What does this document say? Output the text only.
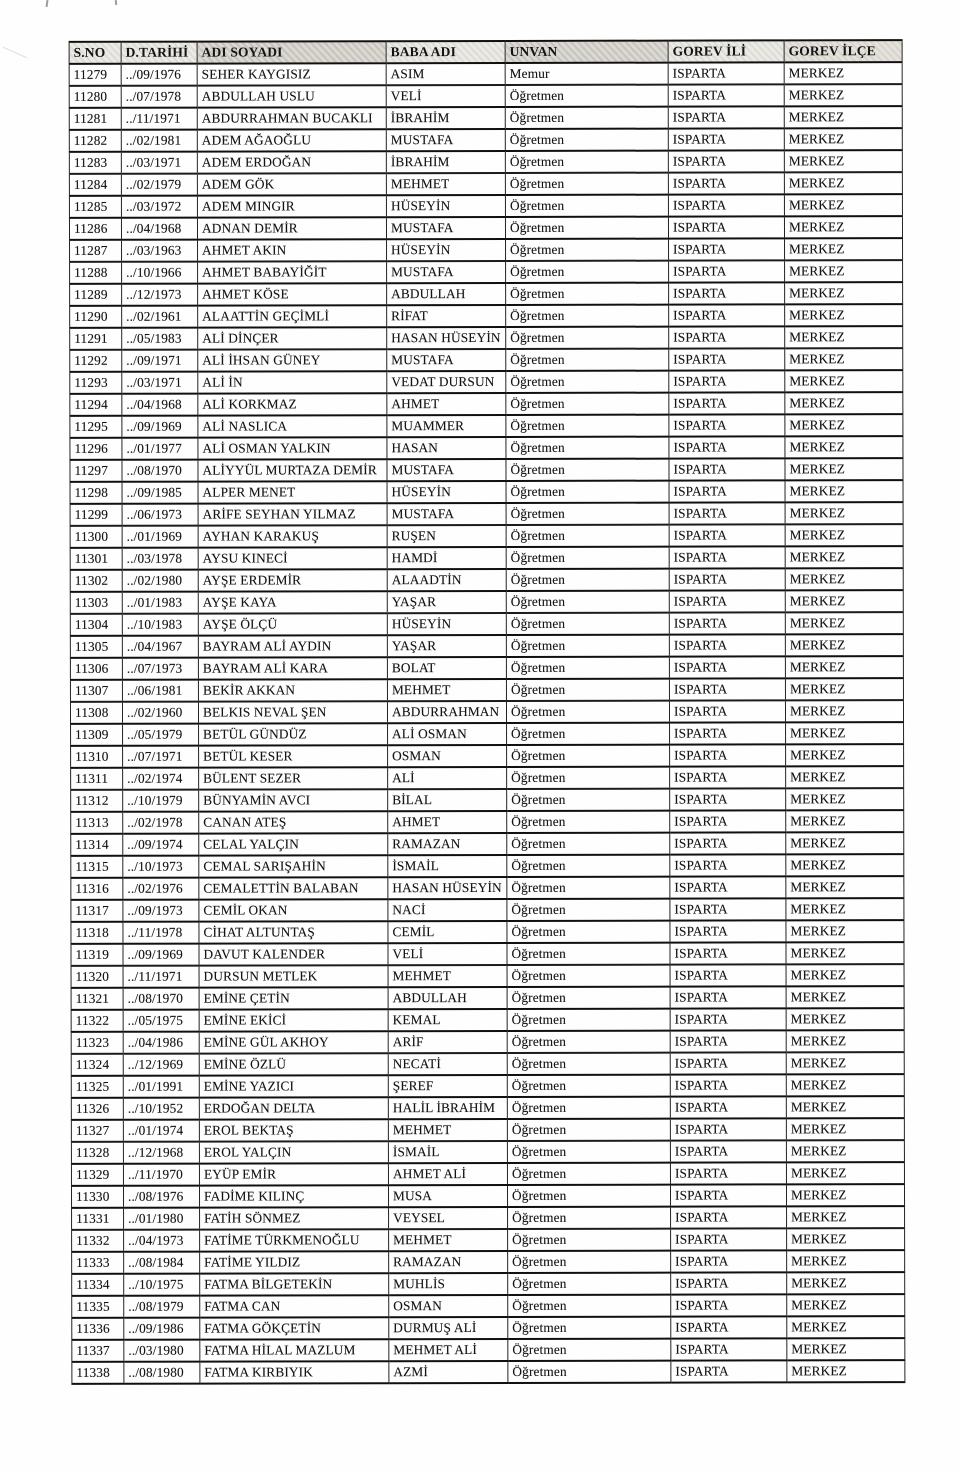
S.NO	D.TARİHİ	ADI SOYADI	BABA ADI	UNVAN	GOREV İLİ	GOREV İLÇE
11279	../09/1976	SEHER KAYGISIZ	ASIM	Memur	ISPARTA	MERKEZ
11280	../07/1978	ABDULLAH USLU	VELİ	Öğretmen	ISPARTA	MERKEZ
11281	../11/1971	ABDURRAHMAN BUCAKLI	İBRAHİM	Öğretmen	ISPARTA	MERKEZ
11282	../02/1981	ADEM AĞAOĞLU	MUSTAFA	Öğretmen	ISPARTA	MERKEZ
11283	../03/1971	ADEM ERDOĞAN	İBRAHİM	Öğretmen	ISPARTA	MERKEZ
11284	../02/1979	ADEM GÖK	MEHMET	Öğretmen	ISPARTA	MERKEZ
11285	../03/1972	ADEM MINGIR	HÜSEYİN	Öğretmen	ISPARTA	MERKEZ
11286	../04/1968	ADNAN DEMİR	MUSTAFA	Öğretmen	ISPARTA	MERKEZ
11287	../03/1963	AHMET AKIN	HÜSEYİN	Öğretmen	ISPARTA	MERKEZ
11288	../10/1966	AHMET BABAYİĞİT	MUSTAFA	Öğretmen	ISPARTA	MERKEZ
11289	../12/1973	AHMET KÖSE	ABDULLAH	Öğretmen	ISPARTA	MERKEZ
11290	../02/1961	ALAATTİN GEÇİMLİ	RİFAT	Öğretmen	ISPARTA	MERKEZ
11291	../05/1983	ALİ DİNÇER	HASAN HÜSEYİN	Öğretmen	ISPARTA	MERKEZ
11292	../09/1971	ALİ İHSAN GÜNEY	MUSTAFA	Öğretmen	ISPARTA	MERKEZ
11293	../03/1971	ALİ İN	VEDAT DURSUN	Öğretmen	ISPARTA	MERKEZ
11294	../04/1968	ALİ KORKMAZ	AHMET	Öğretmen	ISPARTA	MERKEZ
11295	../09/1969	ALİ NASLICA	MUAMMER	Öğretmen	ISPARTA	MERKEZ
11296	../01/1977	ALİ OSMAN YALKIN	HASAN	Öğretmen	ISPARTA	MERKEZ
11297	../08/1970	ALİYYÜL MURTAZA DEMİR	MUSTAFA	Öğretmen	ISPARTA	MERKEZ
11298	../09/1985	ALPER MENET	HÜSEYİN	Öğretmen	ISPARTA	MERKEZ
11299	../06/1973	ARİFE SEYHAN YILMAZ	MUSTAFA	Öğretmen	ISPARTA	MERKEZ
11300	../01/1969	AYHAN KARAKUŞ	RUŞEN	Öğretmen	ISPARTA	MERKEZ
11301	../03/1978	AYSU KINECİ	HAMDİ	Öğretmen	ISPARTA	MERKEZ
11302	../02/1980	AYŞE ERDEMİR	ALAADTİN	Öğretmen	ISPARTA	MERKEZ
11303	../01/1983	AYŞE KAYA	YAŞAR	Öğretmen	ISPARTA	MERKEZ
11304	../10/1983	AYŞE ÖLÇÜ	HÜSEYİN	Öğretmen	ISPARTA	MERKEZ
11305	../04/1967	BAYRAM ALİ AYDIN	YAŞAR	Öğretmen	ISPARTA	MERKEZ
11306	../07/1973	BAYRAM ALİ KARA	BOLAT	Öğretmen	ISPARTA	MERKEZ
11307	../06/1981	BEKİR AKKAN	MEHMET	Öğretmen	ISPARTA	MERKEZ
11308	../02/1960	BELKIS NEVAL ŞEN	ABDURRAHMAN	Öğretmen	ISPARTA	MERKEZ
11309	../05/1979	BETÜL GÜNDÜZ	ALİ OSMAN	Öğretmen	ISPARTA	MERKEZ
11310	../07/1971	BETÜL KESER	OSMAN	Öğretmen	ISPARTA	MERKEZ
11311	../02/1974	BÜLENT SEZER	ALİ	Öğretmen	ISPARTA	MERKEZ
11312	../10/1979	BÜNYAMİN AVCI	BİLAL	Öğretmen	ISPARTA	MERKEZ
11313	../02/1978	CANAN ATEŞ	AHMET	Öğretmen	ISPARTA	MERKEZ
11314	../09/1974	CELAL YALÇIN	RAMAZAN	Öğretmen	ISPARTA	MERKEZ
11315	../10/1973	CEMAL SARIŞAHİN	İSMAİL	Öğretmen	ISPARTA	MERKEZ
11316	../02/1976	CEMALETTİN BALABAN	HASAN HÜSEYİN	Öğretmen	ISPARTA	MERKEZ
11317	../09/1973	CEMİL OKAN	NACİ	Öğretmen	ISPARTA	MERKEZ
11318	../11/1978	CİHAT ALTUNTAŞ	CEMİL	Öğretmen	ISPARTA	MERKEZ
11319	../09/1969	DAVUT KALENDER	VELİ	Öğretmen	ISPARTA	MERKEZ
11320	../11/1971	DURSUN METLEK	MEHMET	Öğretmen	ISPARTA	MERKEZ
11321	../08/1970	EMİNE ÇETİN	ABDULLAH	Öğretmen	ISPARTA	MERKEZ
11322	../05/1975	EMİNE EKİCİ	KEMAL	Öğretmen	ISPARTA	MERKEZ
11323	../04/1986	EMİNE GÜL AKHOY	ARİF	Öğretmen	ISPARTA	MERKEZ
11324	../12/1969	EMİNE ÖZLÜ	NECATİ	Öğretmen	ISPARTA	MERKEZ
11325	../01/1991	EMİNE YAZICI	ŞEREF	Öğretmen	ISPARTA	MERKEZ
11326	../10/1952	ERDOĞAN DELTA	HALİL İBRAHİM	Öğretmen	ISPARTA	MERKEZ
11327	../01/1974	EROL BEKTAŞ	MEHMET	Öğretmen	ISPARTA	MERKEZ
11328	../12/1968	EROL YALÇIN	İSMAİL	Öğretmen	ISPARTA	MERKEZ
11329	../11/1970	EYÜP EMİR	AHMET ALİ	Öğretmen	ISPARTA	MERKEZ
11330	../08/1976	FADİME KILINÇ	MUSA	Öğretmen	ISPARTA	MERKEZ
11331	../01/1980	FATİH SÖNMEZ	VEYSEL	Öğretmen	ISPARTA	MERKEZ
11332	../04/1973	FATİME TÜRKMENOĞLU	MEHMET	Öğretmen	ISPARTA	MERKEZ
11333	../08/1984	FATİME YILDIZ	RAMAZAN	Öğretmen	ISPARTA	MERKEZ
11334	../10/1975	FATMA BİLGETEKİN	MUHLİS	Öğretmen	ISPARTA	MERKEZ
11335	../08/1979	FATMA CAN	OSMAN	Öğretmen	ISPARTA	MERKEZ
11336	../09/1986	FATMA GÖKÇETİN	DURMUŞ ALİ	Öğretmen	ISPARTA	MERKEZ
11337	../03/1980	FATMA HİLAL MAZLUM	MEHMET ALİ	Öğretmen	ISPARTA	MERKEZ
11338	../08/1980	FATMA KIRBIYIK	AZMİ	Öğretmen	ISPARTA	MERKEZ
